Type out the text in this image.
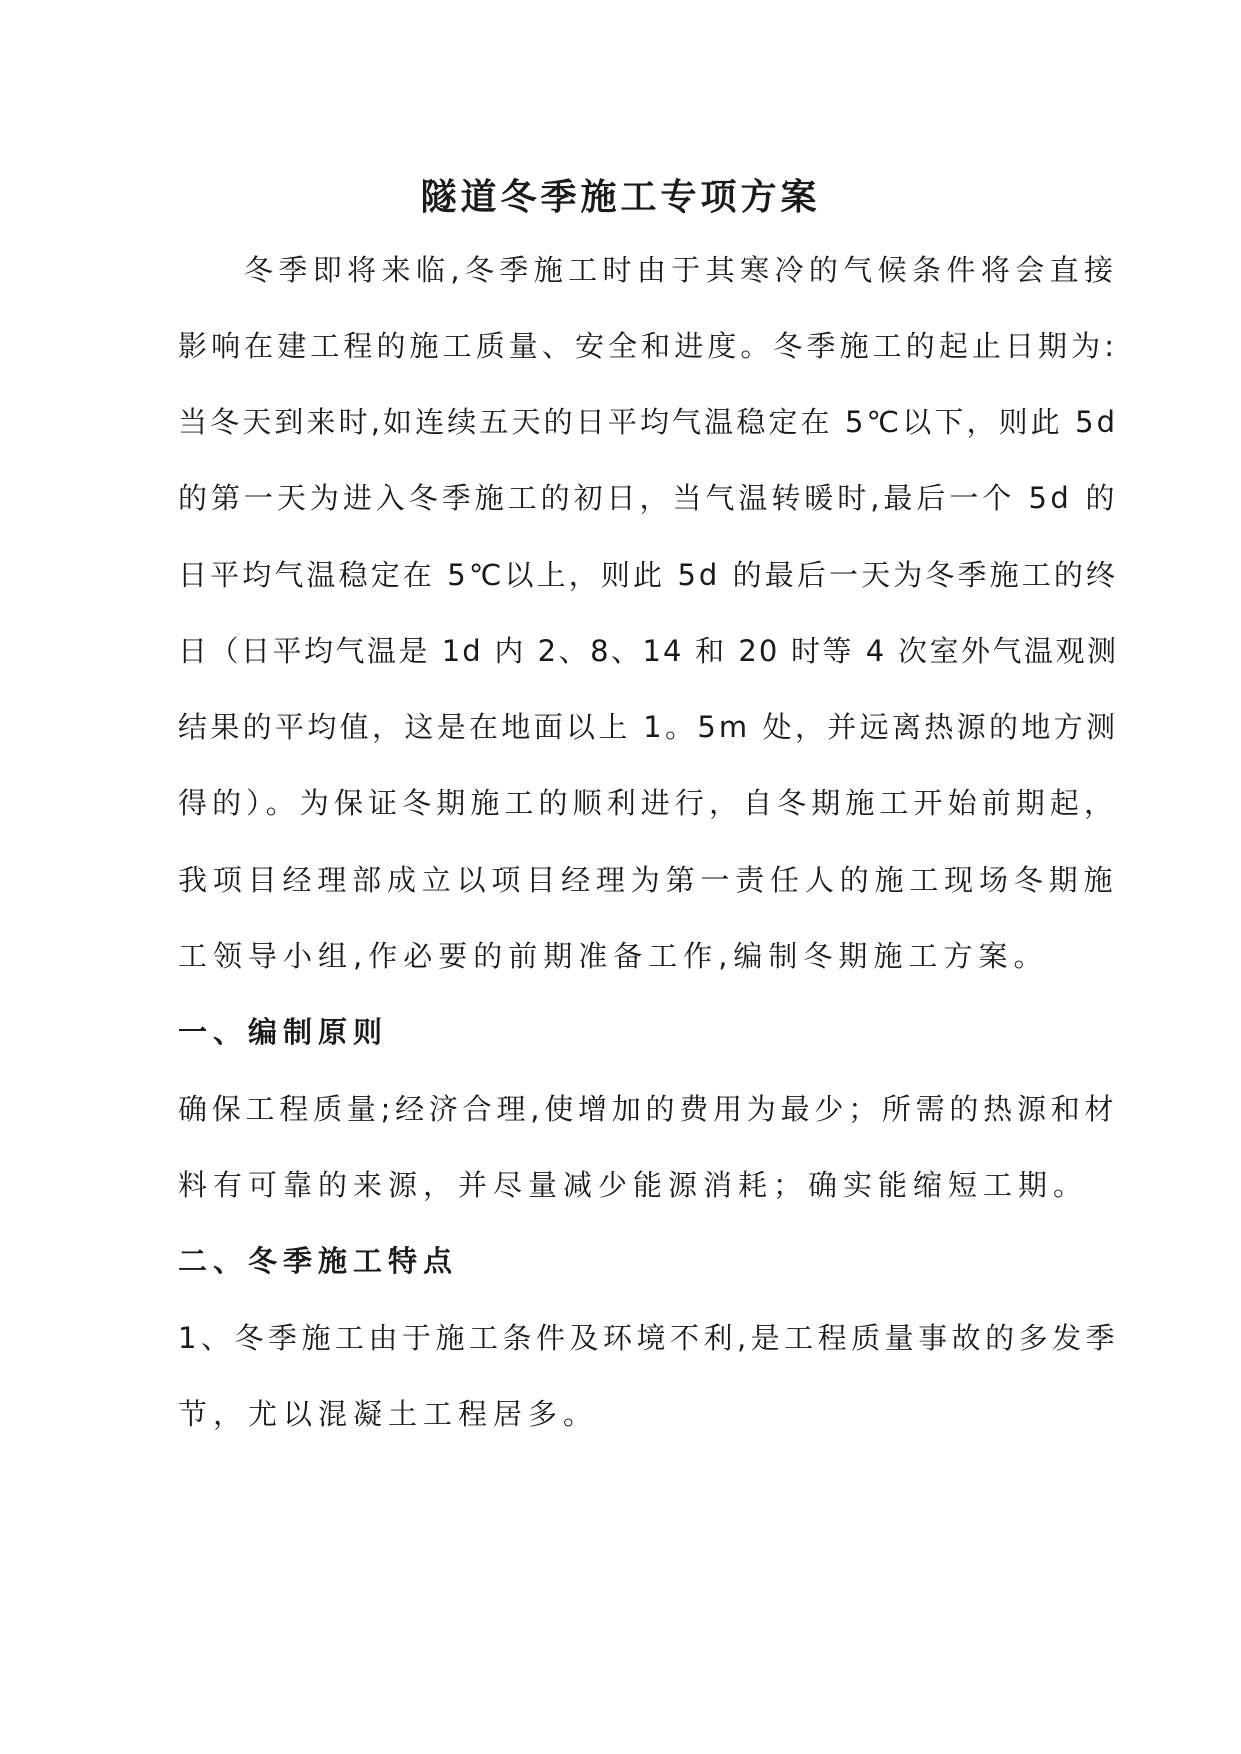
隧道冬季施工专项方案
冬季即将来临,冬季施工时由于其寒冷的气候条件将会直接
影响在建工程的施工质量、安全和进度。冬季施工的起止日期为:
当冬天到来时,如连续五天的日平均气温稳定在 5℃以下，则此 5d
的第一天为进入冬季施工的初日，当气温转暖时,最后一个 5d 的
日平均气温稳定在 5℃以上，则此 5d 的最后一天为冬季施工的终
日（日平均气温是 1d 内 2、8、14 和 20 时等 4 次室外气温观测
结果的平均值，这是在地面以上 1。5m 处，并远离热源的地方测
得的）。为保证冬期施工的顺利进行，自冬期施工开始前期起，
我项目经理部成立以项目经理为第一责任人的施工现场冬期施
工领导小组,作必要的前期准备工作,编制冬期施工方案。
一、编制原则
确保工程质量;经济合理,使增加的费用为最少；所需的热源和材
料有可靠的来源，并尽量减少能源消耗；确实能缩短工期。
二、冬季施工特点
1、冬季施工由于施工条件及环境不利,是工程质量事故的多发季
节，尤以混凝土工程居多。
